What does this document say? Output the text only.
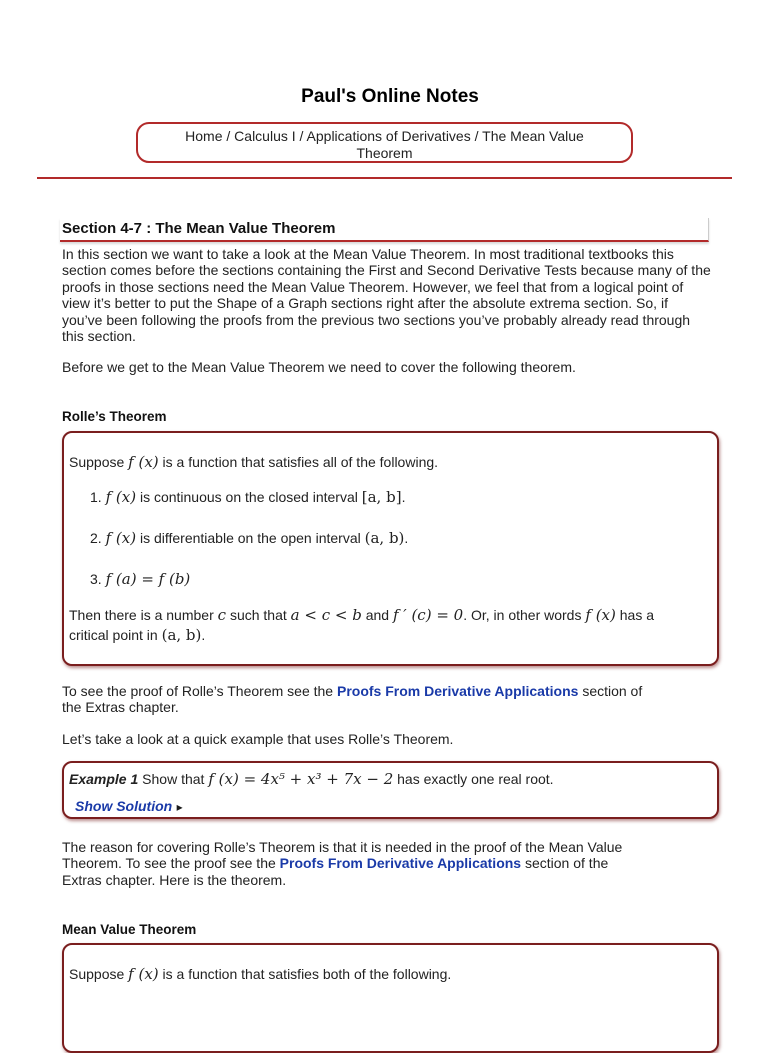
Paul's Online Notes
Home / Calculus I / Applications of Derivatives / The Mean Value
Theorem
Section 4-7 : The Mean Value Theorem

In this section we want to take a look at the Mean Value Theorem. In most traditional textbooks this section comes before the sections containing the First and Second Derivative Tests because many of the proofs in those sections need the Mean Value Theorem. However, we feel that from a logical point of view it’s better to put the Shape of a Graph sections right after the absolute extrema section. So, if you’ve been following the proofs from the previous two sections you’ve probably already read through this section.

Before we get to the Mean Value Theorem we need to cover the following theorem.

Rolle’s Theorem
Suppose f (x) is a function that satisfies all of the following.
1. f (x) is continuous on the closed interval [a, b].
2. f (x) is differentiable on the open interval (a, b).
3. f (a) = f (b)
Then there is a number c such that a < c < b and f ′ (c) = 0. Or, in other words f (x) has a
critical point in (a, b).
To see the proof of Rolle’s Theorem see the Proofs From Derivative Applications section of
the Extras chapter.

Let’s take a look at a quick example that uses Rolle’s Theorem.

Example 1 Show that f (x) = 4x⁵ + x³ + 7x − 2 has exactly one real root.
Show Solution ▸
The reason for covering Rolle’s Theorem is that it is needed in the proof of the Mean Value
Theorem. To see the proof see the Proofs From Derivative Applications section of the
Extras chapter. Here is the theorem.
Mean Value Theorem
Suppose f (x) is a function that satisfies both of the following.
